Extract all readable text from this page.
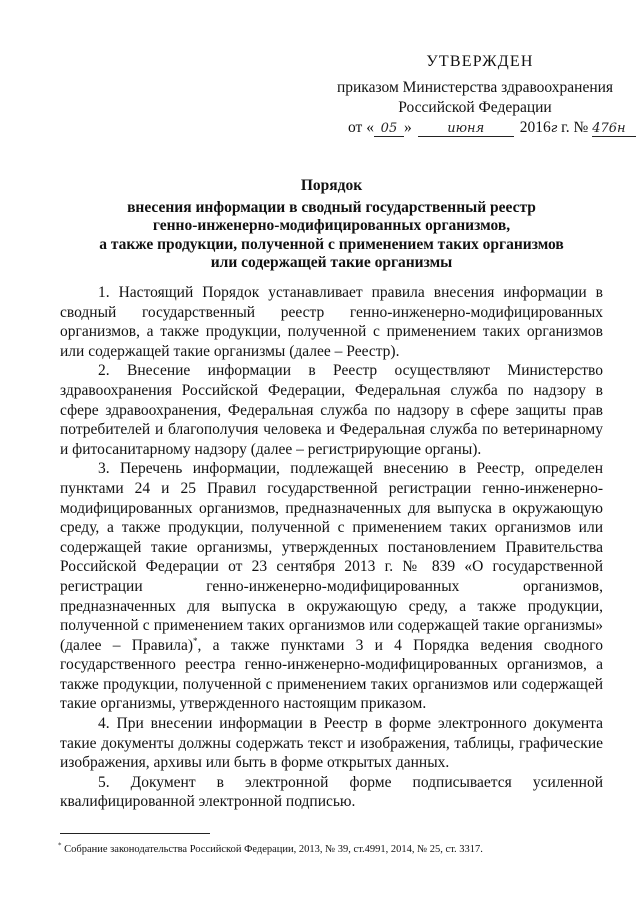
УТВЕРЖДЕН
приказом Министерства здравоохранения
Российской Федерации
от « 05 »	июня 2016г г. № 476н
Порядок
внесения информации в сводный государственный реестр
генно-инженерно-модифицированных организмов,
а также продукции, полученной с применением таких организмов
или содержащей такие организмы

1. Настоящий Порядок устанавливает правила внесения информации в сводный государственный реестр генно-инженерно-модифицированных организмов, а также продукции, полученной с применением таких организмов или содержащей такие организмы (далее – Реестр).

2. Внесение информации в Реестр осуществляют Министерство здравоохранения Российской Федерации, Федеральная служба по надзору в сфере здравоохранения, Федеральная служба по надзору в сфере защиты прав потребителей и благополучия человека и Федеральная служба по ветеринарному и фитосанитарному надзору (далее – регистрирующие органы).

3. Перечень информации, подлежащей внесению в Реестр, определен пунктами 24 и 25 Правил государственной регистрации генно-инженерно-модифицированных организмов, предназначенных для выпуска в окружающую среду, а также продукции, полученной с применением таких организмов или содержащей такие организмы, утвержденных постановлением Правительства Российской Федерации от 23 сентября 2013 г. № 839 «О государственной регистрации генно-инженерно-модифицированных организмов, предназначенных для выпуска в окружающую среду, а также продукции, полученной с применением таких организмов или содержащей такие организмы» (далее – Правила)*, а также пунктами 3 и 4 Порядка ведения сводного государственного реестра генно-инженерно-модифицированных организмов, а также продукции, полученной с применением таких организмов или содержащей такие организмы, утвержденного настоящим приказом.

4. При внесении информации в Реестр в форме электронного документа такие документы должны содержать текст и изображения, таблицы, графические изображения, архивы или быть в форме открытых данных.

5. Документ в электронной форме подписывается усиленной квалифицированной электронной подписью.

* Собрание законодательства Российской Федерации, 2013, № 39, ст.4991, 2014, № 25, ст. 3317.
